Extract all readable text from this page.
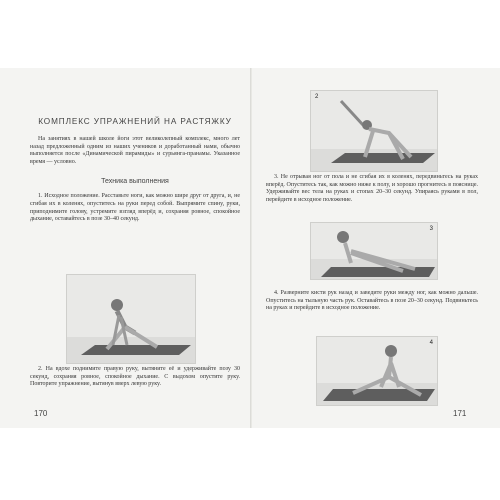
КОМПЛЕКС УПРАЖНЕНИЙ НА РАСТЯЖКУ

На занятиях в нашей школе йоги этот великолепный комплекс, много лет назад предложенный одним из наших учеников и доработанный нами, обычно выполняется после «Динамической пирамиды» и сурьянга-пранамы. Указанное время — условно.

Техника выполнения

1. Исходное положение. Расставьте ноги, как можно шире друг от друга, и, не сгибая их в коленях, опуститесь на руки перед собой. Выпрямите спину, руки, приподнимите голову, устремите взгляд вперёд и, сохраняя ровное, спокойное дыхание, оставайтесь в позе 30–40 секунд.

2. На вдохе поднимите правую руку, вытяните её и удерживайте позу 30 секунд, сохраняя ровное, спокойное дыхание. С выдохом опустите руку. Повторите упражнение, вытянув вверх левую руку.

170
2

3. Не отрывая ног от пола и не сгибая их в коленях, передвиньтесь на руках вперёд. Опуститесь так, как можно ниже к полу, и хорошо прогнитесь в пояснице. Удерживайте вес тела на руках и стопах 20–30 секунд. Упираясь руками в пол, перейдите в исходное положение.

3

4. Разверните кисти рук назад и заведите руки между ног, как можно дальше. Опуститесь на тыльную часть рук. Оставайтесь в позе 20–30 секунд. Подвиньтесь на руках и перейдите в исходное положение.

4
171
